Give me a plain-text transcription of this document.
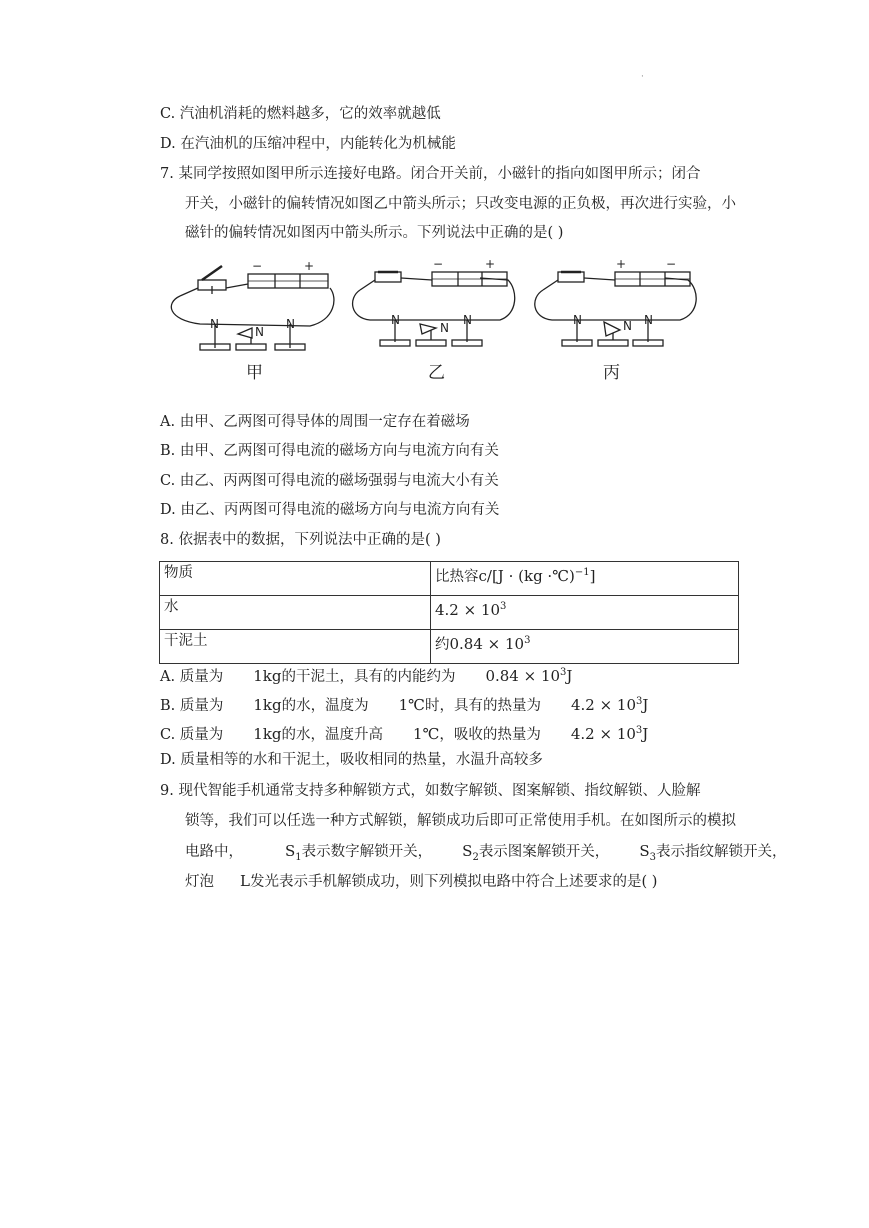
·
C. 汽油机消耗的燃料越多，它的效率就越低
D. 在汽油机的压缩冲程中，内能转化为机械能
7. 某同学按照如图甲所示连接好电路。闭合开关前，小磁针的指向如图甲所示；闭合
开关，小磁针的偏转情况如图乙中箭头所示；只改变电源的正负极，再次进行实验，小
磁针的偏转情况如图丙中箭头所示。下列说法中正确的是( )
−	+	−	+	+	−
N	N
N
N	N
N
N	N
N
甲	乙	丙
A. 由甲、乙两图可得导体的周围一定存在着磁场
B. 由甲、乙两图可得电流的磁场方向与电流方向有关
C. 由乙、丙两图可得电流的磁场强弱与电流大小有关
D. 由乙、丙两图可得电流的磁场方向与电流方向有关
8. 依据表中的数据，下列说法中正确的是( )
物质	比热容c/[J · (kg ·℃)$^{-1}$]
水	$4.2 \times 10^3$
干泥土	约$0.84 \times 10^3$
A. 质量为 1kg的干泥土，具有的内能约为 $0.84 \times 10^3J$
B. 质量为 1kg的水，温度为 1℃时，具有的热量为 $4.2 \times 10^3J$
C. 质量为 1kg的水，温度升高 1℃，吸收的热量为 $4.2 \times 10^3J$
D. 质量相等的水和干泥土，吸收相同的热量，水温升高较多
9. 现代智能手机通常支持多种解锁方式，如数字解锁、图案解锁、指纹解锁、人脸解
锁等，我们可以任选一种方式解锁，解锁成功后即可正常使用手机。在如图所示的模拟
电路中，	$S_1$表示数字解锁开关， $S_2$表示图案解锁开关， $S_3$表示指纹解锁开关，
灯泡 L发光表示手机解锁成功，则下列模拟电路中符合上述要求的是( )
